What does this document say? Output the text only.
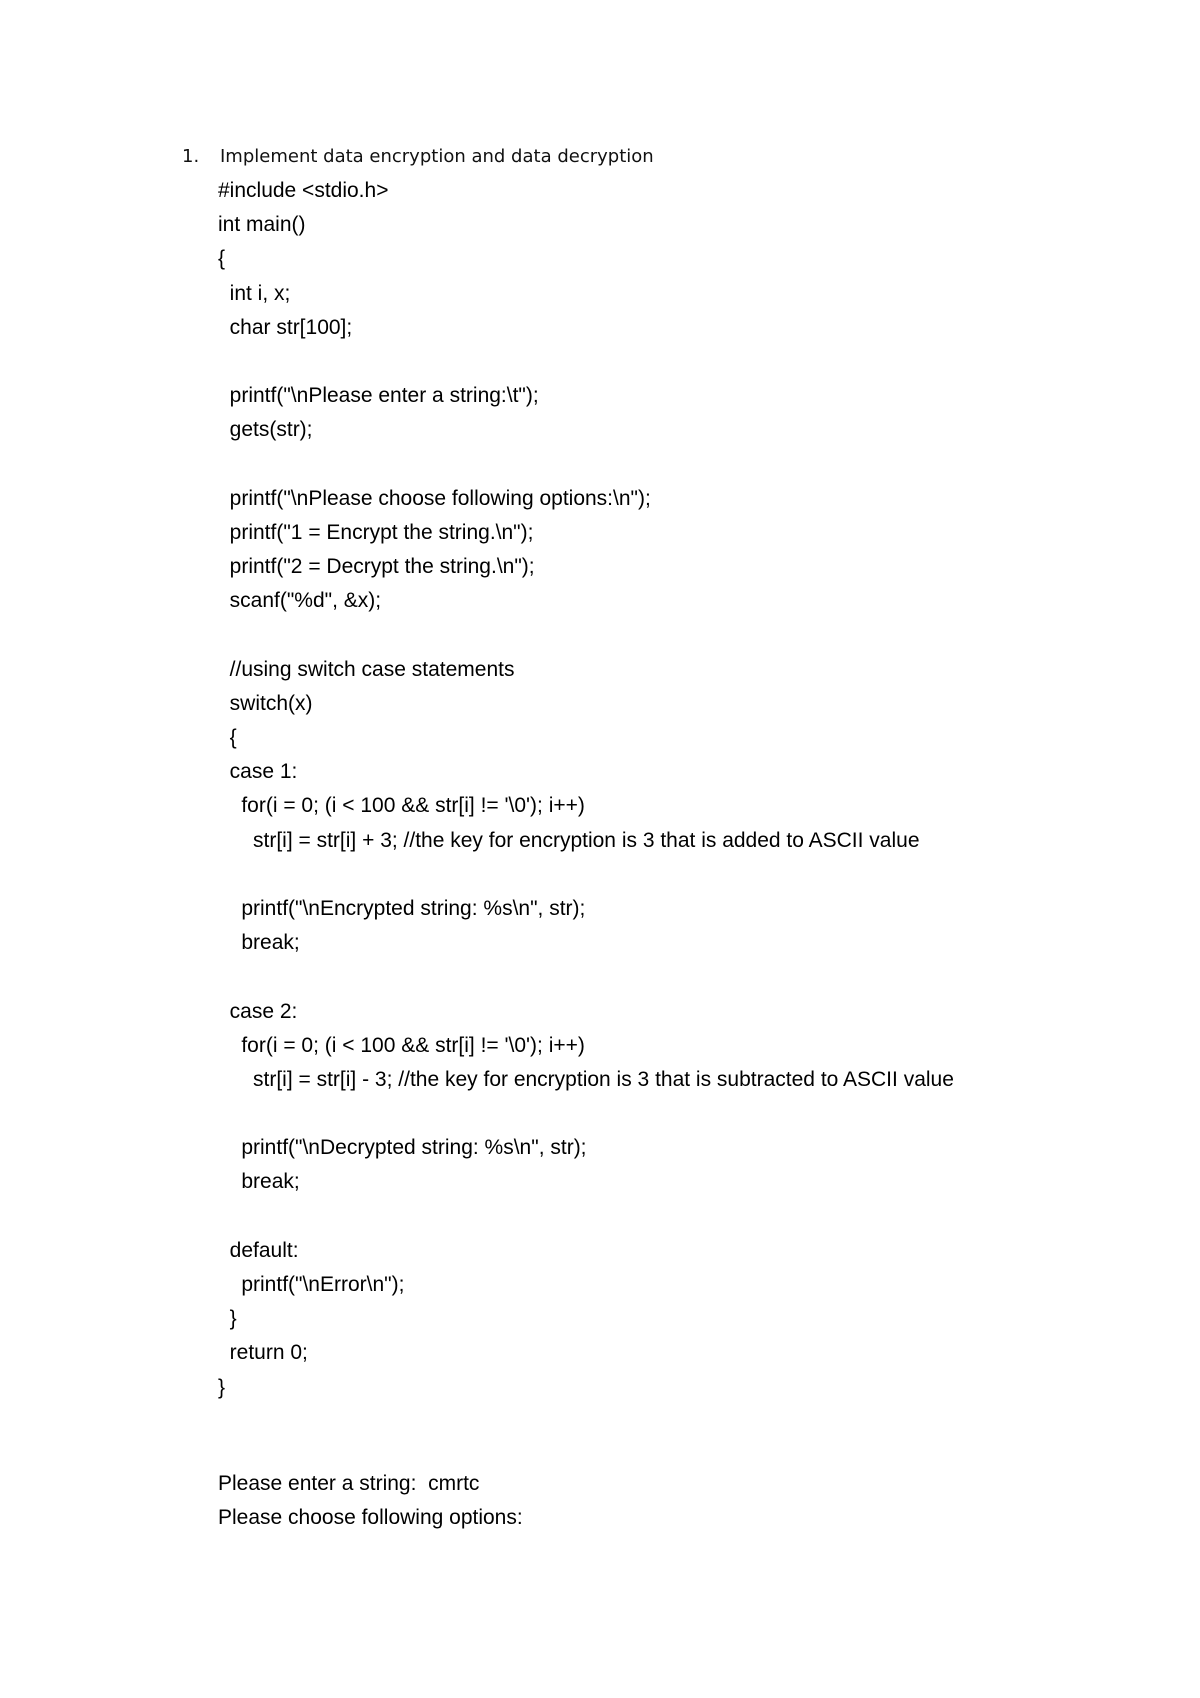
1. Implement data encryption and data decryption
#include <stdio.h>
int main()
{
int i, x;
char str[100];
printf("\nPlease enter a string:\t");
gets(str);
printf("\nPlease choose following options:\n");
printf("1 = Encrypt the string.\n");
printf("2 = Decrypt the string.\n");
scanf("%d", &x);
//using switch case statements
switch(x)
{
case 1:
for(i = 0; (i < 100 && str[i] != '\0'); i++)
str[i] = str[i] + 3; //the key for encryption is 3 that is added to ASCII value
printf("\nEncrypted string: %s\n", str);
break;
case 2:
for(i = 0; (i < 100 && str[i] != '\0'); i++)
str[i] = str[i] - 3; //the key for encryption is 3 that is subtracted to ASCII value
printf("\nDecrypted string: %s\n", str);
break;
default:
printf("\nError\n");
}
return 0;
}
Please enter a string:  cmrtc
Please choose following options:
